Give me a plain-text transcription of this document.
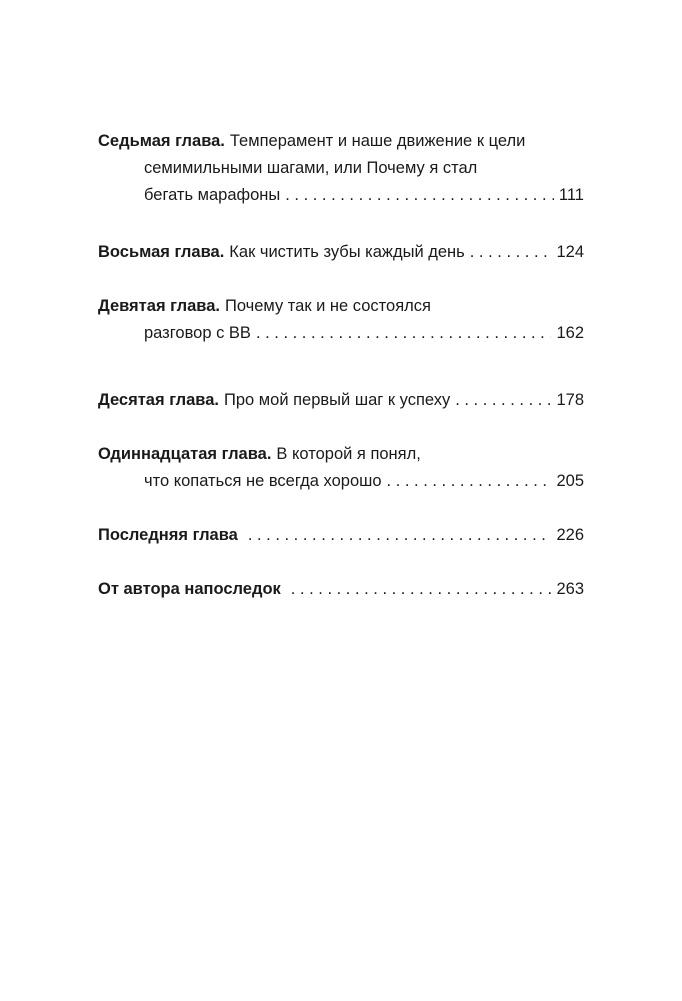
Седьмая глава. Темперамент и наше движение к цели
семимильными шагами, или Почему я стал
бегать марафоны . . .	111
Восьмая глава. Как чистить зубы каждый день . . .	124
Девятая глава. Почему так и не состоялся
разговор с ВВ . . .	162
Десятая глава. Про мой первый шаг к успеху . . .	178
Одиннадцатая глава. В которой я понял,
что копаться не всегда хорошо . . .	205
Последняя глава . . .	226
От автора напоследок . . .	263
